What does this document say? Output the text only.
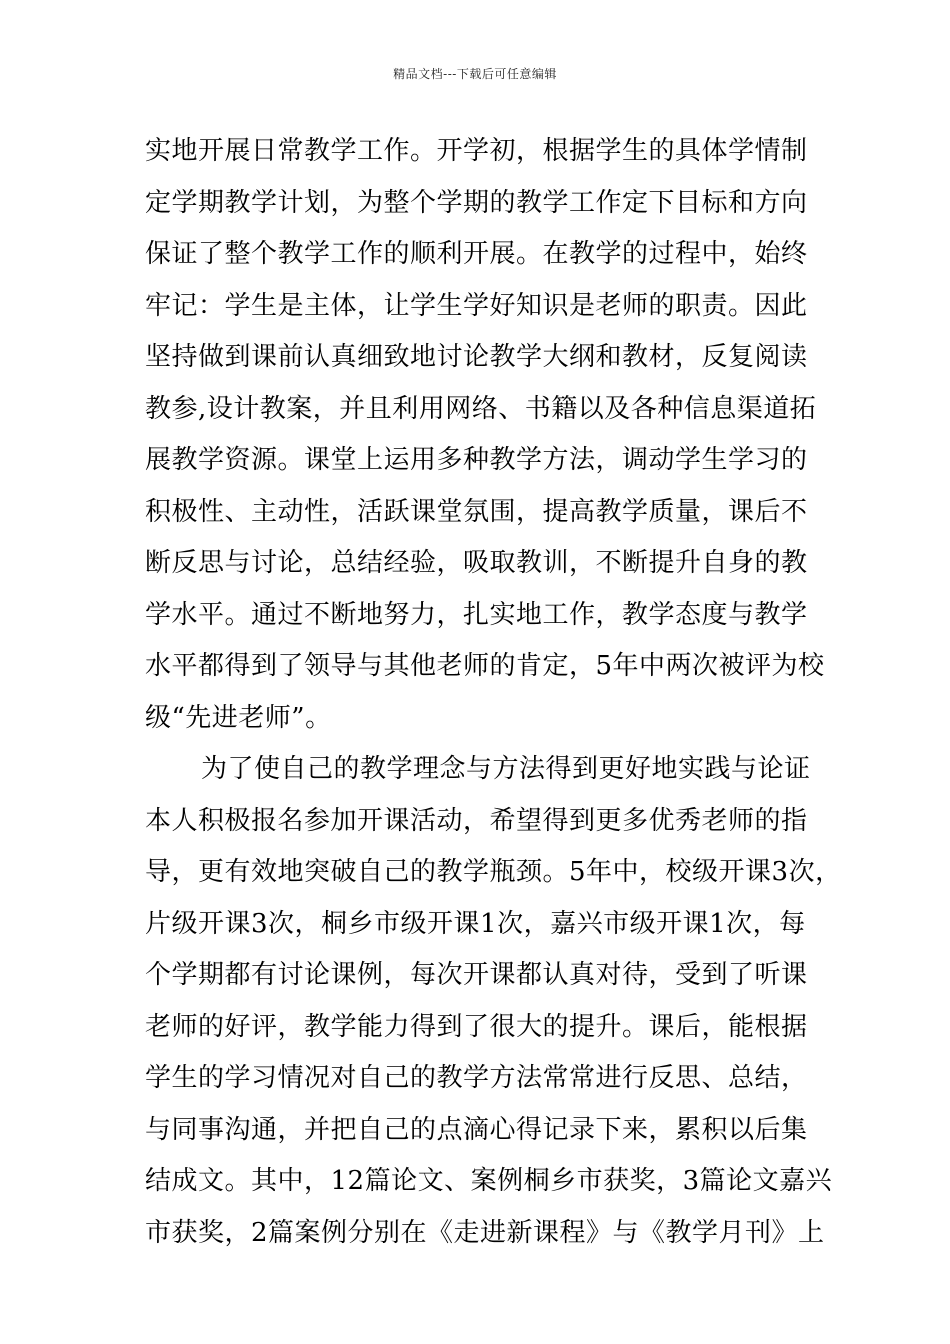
精品文档---下载后可任意编辑
实地开展日常教学工作。开学初，根据学生的具体学情制
定学期教学计划，为整个学期的教学工作定下目标和方向
保证了整个教学工作的顺利开展。在教学的过程中，始终
牢记：学生是主体，让学生学好知识是老师的职责。因此
坚持做到课前认真细致地讨论教学大纲和教材，反复阅读
教参,设计教案，并且利用网络、书籍以及各种信息渠道拓
展教学资源。课堂上运用多种教学方法，调动学生学习的
积极性、主动性，活跃课堂氛围，提高教学质量，课后不
断反思与讨论，总结经验，吸取教训，不断提升自身的教
学水平。通过不断地努力，扎实地工作，教学态度与教学
水平都得到了领导与其他老师的肯定，5年中两次被评为校
级“先进老师”。
为了使自己的教学理念与方法得到更好地实践与论证
本人积极报名参加开课活动，希望得到更多优秀老师的指
导，更有效地突破自己的教学瓶颈。5年中，校级开课3次，
片级开课3次，桐乡市级开课1次，嘉兴市级开课1次，每
个学期都有讨论课例，每次开课都认真对待，受到了听课
老师的好评，教学能力得到了很大的提升。课后，能根据
学生的学习情况对自己的教学方法常常进行反思、总结，
与同事沟通，并把自己的点滴心得记录下来，累积以后集
结成文。其中，12篇论文、案例桐乡市获奖，3篇论文嘉兴
市获奖，2篇案例分别在《走进新课程》与《教学月刊》上
